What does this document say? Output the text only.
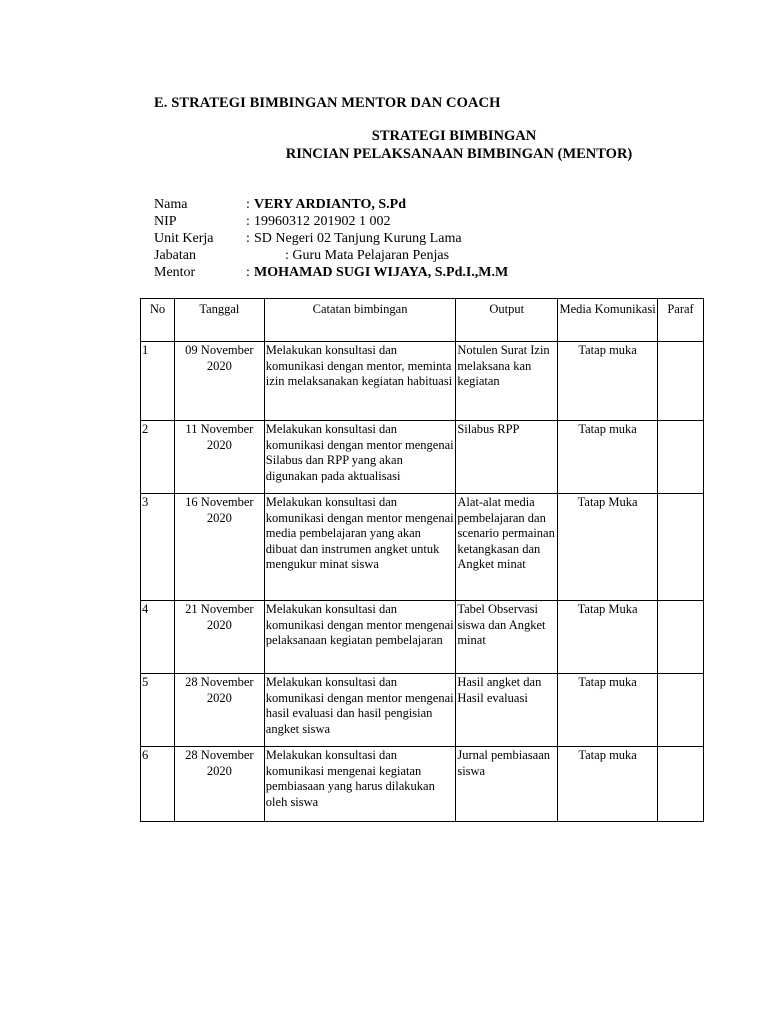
E. STRATEGI BIMBINGAN MENTOR DAN COACH
STRATEGI BIMBINGAN
RINCIAN PELAKSANAAN BIMBINGAN (MENTOR)
Nama	: VERY ARDIANTO, S.Pd
NIP	: 19960312 201902 1 002
Unit Kerja	: SD Negeri 02 Tanjung Kurung Lama
Jabatan	: Guru Mata Pelajaran Penjas
Mentor	: MOHAMAD SUGI WIJAYA, S.Pd.I.,M.M
No	Tanggal	Catatan bimbingan	Output	Media Komunikasi	Paraf
1	09 November 2020	Melakukan konsultasi dan komunikasi dengan mentor, meminta izin melaksanakan kegiatan habituasi	Notulen Surat Izin melaksana kan kegiatan	Tatap muka	
2	11 November 2020	Melakukan konsultasi dan komunikasi dengan mentor mengenai Silabus dan RPP yang akan digunakan pada aktualisasi	Silabus RPP	Tatap muka	
3	16 November 2020	Melakukan konsultasi dan komunikasi dengan mentor mengenai media pembelajaran yang akan dibuat dan instrumen angket untuk mengukur minat siswa	Alat-alat media pembelajaran dan scenario permainan ketangkasan dan Angket minat	Tatap Muka	
4	21 November 2020	Melakukan konsultasi dan komunikasi dengan mentor mengenai pelaksanaan kegiatan pembelajaran	Tabel Observasi siswa dan Angket minat	Tatap Muka	
5	28 November 2020	Melakukan konsultasi dan komunikasi dengan mentor mengenai hasil evaluasi dan hasil pengisian angket siswa	Hasil angket dan Hasil evaluasi	Tatap muka	
6	28 November 2020	Melakukan konsultasi dan komunikasi mengenai kegiatan pembiasaan yang harus dilakukan oleh siswa	Jurnal pembiasaan siswa	Tatap muka	
